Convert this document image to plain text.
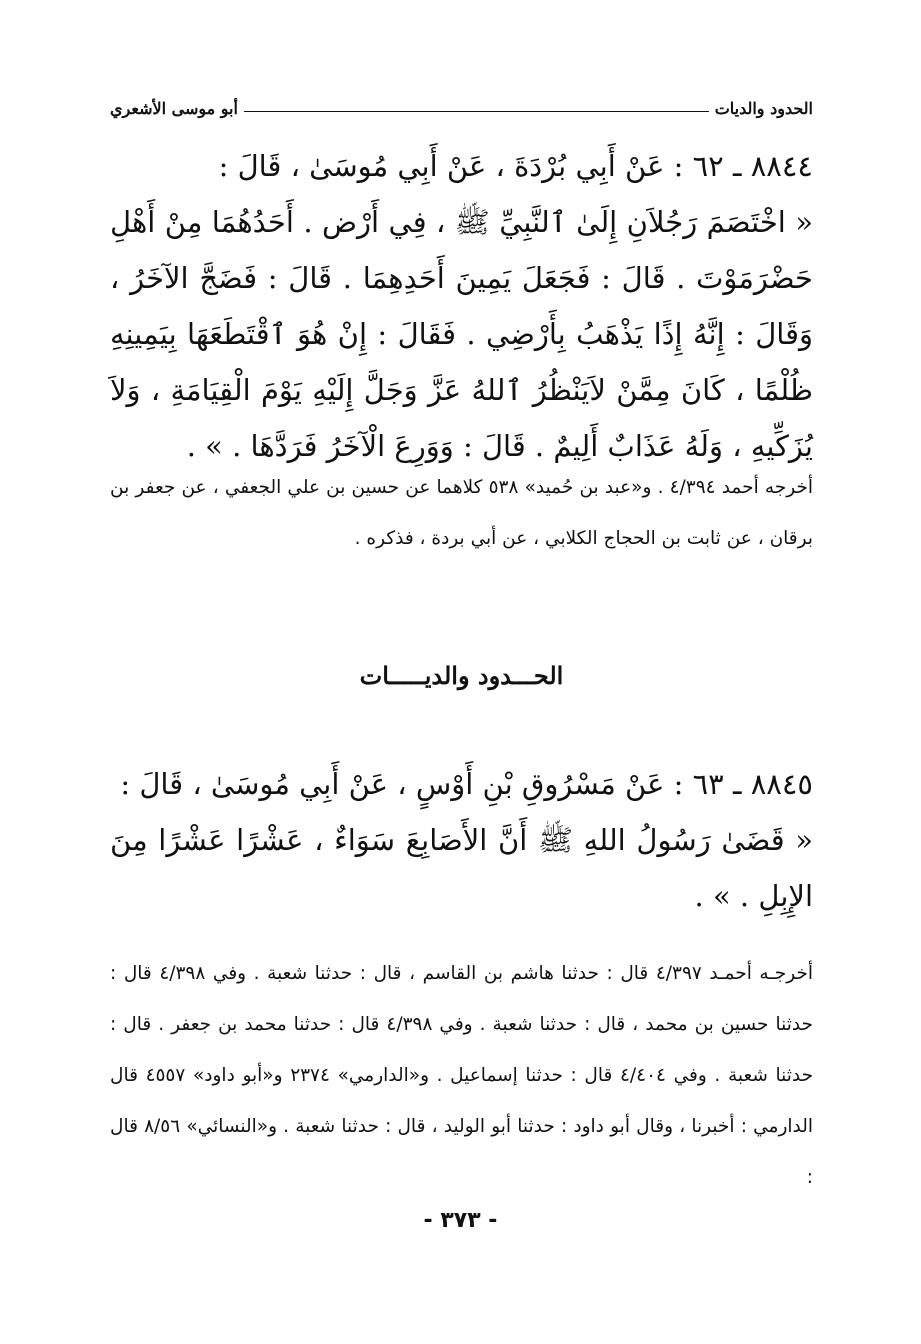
الحدود والديات
أبو موسى الأشعري

٨٨٤٤ ـ ٦٢ : عَنْ أَبِي بُرْدَةَ ، عَنْ أَبِي مُوسَىٰ ، قَالَ :

« اخْتَصَمَ رَجُلاَنِ إِلَىٰ ٱلنَّبِيِّ ﷺ ، فِي أَرْض . أَحَدُهُمَا مِنْ أَهْلِ حَضْرَمَوْتَ . قَالَ : فَجَعَلَ يَمِينَ أَحَدِهِمَا . قَالَ : فَضَجَّ الآخَرُ ، وَقَالَ : إِنَّهُ إِذًا يَذْهَبُ بِأَرْضِي . فَقَالَ : إِنْ هُوَ ٱقْتَطَعَهَا بِيَمِينِهِ ظُلْمًا ، كَانَ مِمَّنْ لاَيَنْظُرُ ٱللهُ عَزَّ وَجَلَّ إِلَيْهِ يَوْمَ الْقِيَامَةِ ، وَلاَ يُزَكِّيهِ ، وَلَهُ عَذَابٌ أَلِيمٌ . قَالَ : وَوَرِعَ الْآخَرُ فَرَدَّهَا . » .

أخرجه أحمد ٤/٣٩٤ . و«عبد بن حُميد» ٥٣٨ كلاهما عن حسين بن علي الجعفي ، عن جعفر بن برقان ، عن ثابت بن الحجاج الكلابي ، عن أبي بردة ، فذكره .

الحـــدود والديـــــات

٨٨٤٥ ـ ٦٣ : عَنْ مَسْرُوقِ بْنِ أَوْسٍ ، عَنْ أَبِي مُوسَىٰ ، قَالَ :

« قَضَىٰ رَسُولُ اللهِ ﷺ أَنَّ الأَصَابِعَ سَوَاءٌ ، عَشْرًا عَشْرًا مِنَ الإِبِلِ . » .

أخرجـه أحمـد ٤/٣٩٧ قال : حدثنا هاشم بن القاسم ، قال : حدثنا شعبة . وفي ٤/٣٩٨ قال : حدثنا حسين بن محمد ، قال : حدثنا شعبة . وفي ٤/٣٩٨ قال : حدثنا محمد بن جعفر . قال : حدثنا شعبة . وفي ٤/٤٠٤ قال : حدثنا إسماعيل . و«الدارمي» ٢٣٧٤ و«أبو داود» ٤٥٥٧ قال الدارمي : أخبرنا ، وقال أبو داود : حدثنا أبو الوليد ، قال : حدثنا شعبة . و«النسائي» ٨/٥٦ قال :

- ٣٧٣ -
